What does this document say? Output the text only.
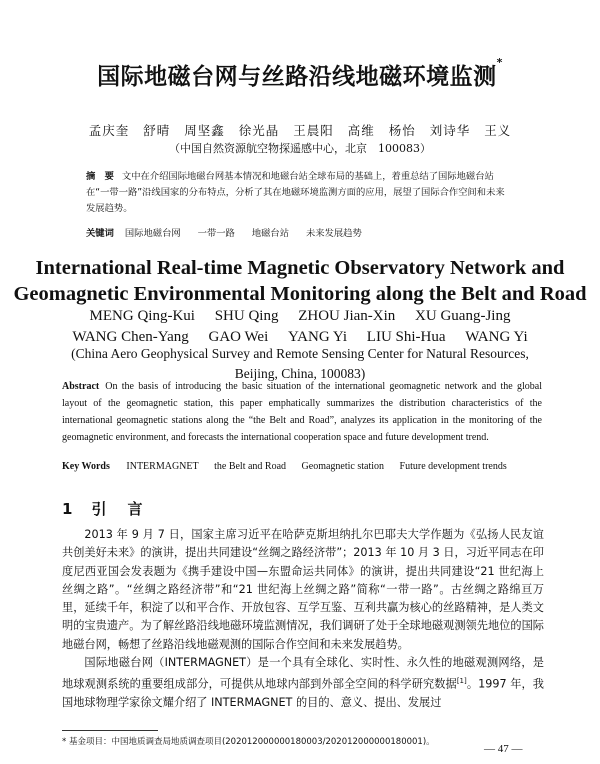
国际地磁台网与丝路沿线地磁环境监测*
孟庆奎 舒晴 周坚鑫 徐光晶 王晨阳 高维 杨怡 刘诗华 王义
（中国自然资源航空物探遥感中心，北京　100083）
摘　要 文中在介绍国际地磁台网基本情况和地磁台站全球布局的基础上，着重总结了国际地磁台站在“一带一路”沿线国家的分布特点，分析了其在地磁环境监测方面的应用，展望了国际合作空间和未来发展趋势。
关键词 国际地磁台网 一带一路 地磁台站 未来发展趋势
International Real-time Magnetic Observatory Network and
Geomagnetic Environmental Monitoring along the Belt and Road
MENG Qing-Kui SHU Qing ZHOU Jian-Xin XU Guang-Jing
WANG Chen-Yang GAO Wei YANG Yi LIU Shi-Hua WANG Yi
(China Aero Geophysical Survey and Remote Sensing Center for Natural Resources,
Beijing, China, 100083)
Abstract On the basis of introducing the basic situation of the international geomagnetic network and the global layout of the geomagnetic station, this paper emphatically summarizes the distribution characteristics of the international geomagnetic stations along the “the Belt and Road”, analyzes its application in the monitoring of the geomagnetic environment, and forecasts the international cooperation space and future development trend.
Key Words INTERMAGNET the Belt and Road Geomagnetic station Future development trends
1 引　言

2013 年 9 月 7 日，国家主席习近平在哈萨克斯坦纳扎尔巴耶夫大学作题为《弘扬人民友谊共创美好未来》的演讲，提出共同建设“丝绸之路经济带”；2013 年 10 月 3 日，习近平同志在印度尼西亚国会发表题为《携手建设中国—东盟命运共同体》的演讲，提出共同建设“21 世纪海上丝绸之路”。“丝绸之路经济带”和“21 世纪海上丝绸之路”简称“一带一路”。古丝绸之路绵亘万里，延续千年，积淀了以和平合作、开放包容、互学互鉴、互利共赢为核心的丝路精神，是人类文明的宝贵遗产。为了解丝路沿线地磁环境监测情况，我们调研了处于全球地磁观测领先地位的国际地磁台网，畅想了丝路沿线地磁观测的国际合作空间和未来发展趋势。

国际地磁台网（INTERMAGNET）是一个具有全球化、实时性、永久性的地磁观测网络，是地球观测系统的重要组成部分，可提供从地球内部到外部全空间的科学研究数据[1]。1997 年，我国地球物理学家徐文耀介绍了 INTERMAGNET 的目的、意义、提出、发展过

* 基金项目：中国地质调查局地质调查项目(202012000000180003/202012000000180001)。
— 47 —
